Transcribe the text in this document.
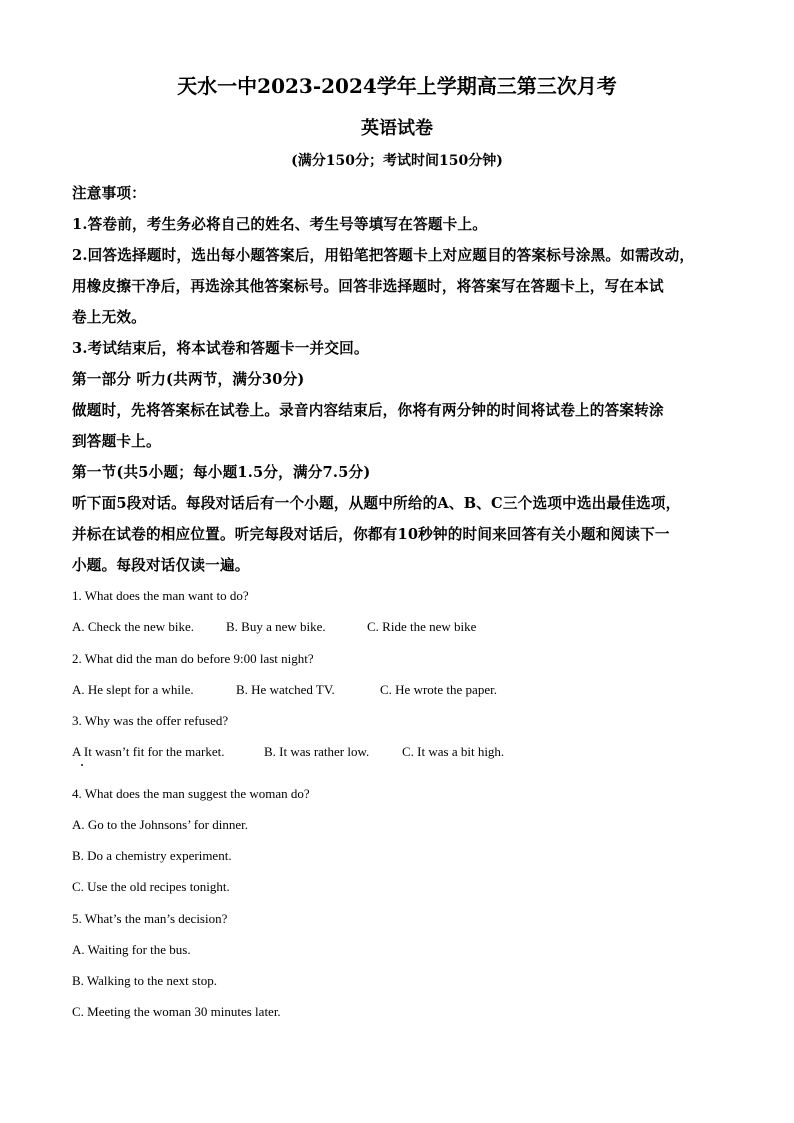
天水一中2023-2024学年上学期高三第三次月考
英语试卷
(满分150分；考试时间150分钟)
注意事项：
1.答卷前，考生务必将自己的姓名、考生号等填写在答题卡上。
2.回答选择题时，选出每小题答案后，用铅笔把答题卡上对应题目的答案标号涂黑。如需改动，
用橡皮擦干净后，再选涂其他答案标号。回答非选择题时，将答案写在答题卡上，写在本试
卷上无效。
3.考试结束后，将本试卷和答题卡一并交回。
第一部分 听力(共两节，满分30分)
做题时，先将答案标在试卷上。录音内容结束后，你将有两分钟的时间将试卷上的答案转涂
到答题卡上。
第一节(共5小题；每小题1.5分，满分7.5分)
听下面5段对话。每段对话后有一个小题，从题中所给的A、B、C三个选项中选出最佳选项，
并标在试卷的相应位置。听完每段对话后，你都有10秒钟的时间来回答有关小题和阅读下一
小题。每段对话仅读一遍。
1. What does the man want to do?
A. Check the new bike. B. Buy a new bike.	C. Ride the new bike
2. What did the man do before 9:00 last night?
A. He slept for a while.	B. He watched TV.	C. He wrote the paper.
3. Why was the offer refused?
A It wasn’t fit for the market.	B. It was rather low.	C. It was a bit high.
4. What does the man suggest the woman do?
A. Go to the Johnsons’ for dinner.
B. Do a chemistry experiment.
C. Use the old recipes tonight.
5. What’s the man’s decision?
A. Waiting for the bus.
B. Walking to the next stop.
C. Meeting the woman 30 minutes later.
